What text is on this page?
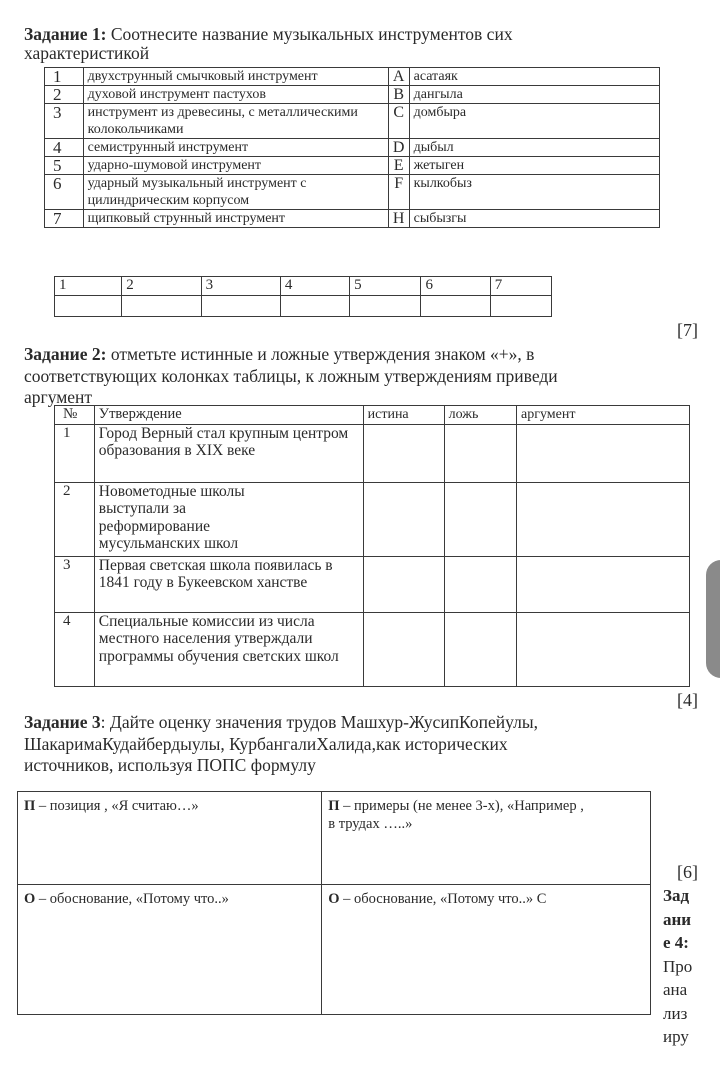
Задание 1: Соотнесите название музыкальных инструментов сих
характеристикой
1	двухструнный смычковый инструмент	A	асатаяк
2	духовой инструмент пастухов	B	дангыла
3	инструмент из древесины, с металлическими колокольчиками	C	домбыра
4	семиструнный инструмент	D	дыбыл
5	ударно-шумовой инструмент	E	жетыген
6	ударный музыкальный инструмент с цилиндрическим корпусом	F	кылкобыз
7	щипковый струнный инструмент	H	сыбызгы
1	2	3	4	5	6	7

[7]
Задание 2: отметьте истинные и ложные утверждения знаком «+», в
соответствующих колонках таблицы, к ложным утверждениям приведи
аргумент
№	Утверждение	истина	ложь	аргумент
1	Город Верный стал крупным центром образования в XIX веке			
2	Новометодные школы выступали за реформирование мусульманских школ			
3	Первая светская школа появилась в 1841 году в Букеевском ханстве			
4	Специальные комиссии из числа местного населения утверждали программы обучения светских школ			
[4]
Задание 3: Дайте оценку значения трудов Машхур-ЖусипКопейулы,
ШакаримаКудайбердыулы, КурбангалиХалида,как исторических
источников, используя ПОПС формулу
П – позиция , «Я считаю…»	П – примеры (не менее 3-х), «Например , в трудах …..»
О – обоснование, «Потому что..»	О – обоснование, «Потому что..» С
[6]
Зад
ани
е 4:
Про
ана
лиз
иру
